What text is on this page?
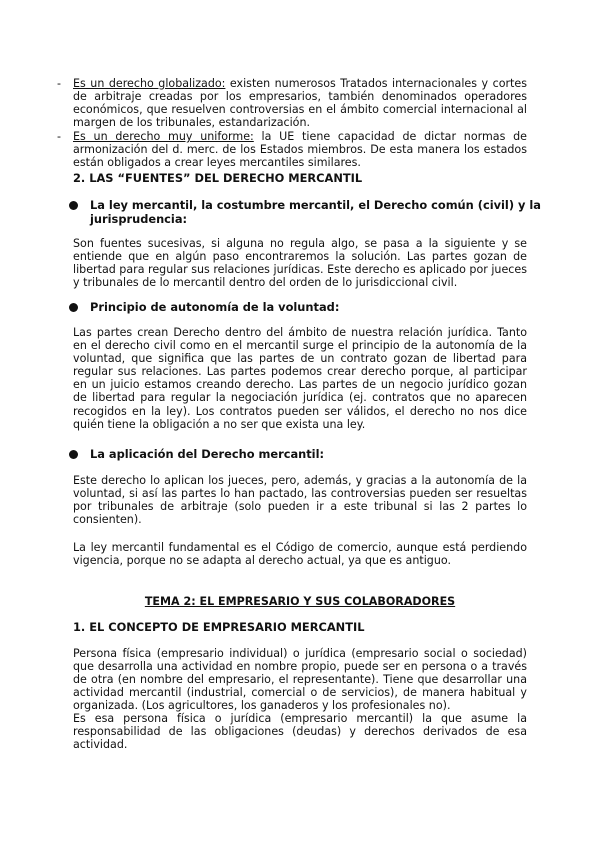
- Es un derecho globalizado: existen numerosos Tratados internacionales y cortes de arbitraje creadas por los empresarios, también denominados operadores económicos, que resuelven controversias en el ámbito comercial internacional al margen de los tribunales, estandarización.
- Es un derecho muy uniforme: la UE tiene capacidad de dictar normas de armonización del d. merc. de los Estados miembros. De esta manera los estados están obligados a crear leyes mercantiles similares.
2. LAS “FUENTES” DEL DERECHO MERCANTIL
La ley mercantil, la costumbre mercantil, el Derecho común (civil) y la jurisprudencia:
Son fuentes sucesivas, si alguna no regula algo, se pasa a la siguiente y se entiende que en algún paso encontraremos la solución. Las partes gozan de libertad para regular sus relaciones jurídicas. Este derecho es aplicado por jueces y tribunales de lo mercantil dentro del orden de lo jurisdiccional civil.
Principio de autonomía de la voluntad:
Las partes crean Derecho dentro del ámbito de nuestra relación jurídica. Tanto en el derecho civil como en el mercantil surge el principio de la autonomía de la voluntad, que significa que las partes de un contrato gozan de libertad para regular sus relaciones. Las partes podemos crear derecho porque, al participar en un juicio estamos creando derecho. Las partes de un negocio jurídico gozan de libertad para regular la negociación jurídica (ej. contratos que no aparecen recogidos en la ley). Los contratos pueden ser válidos, el derecho no nos dice quién tiene la obligación a no ser que exista una ley.
La aplicación del Derecho mercantil:
Este derecho lo aplican los jueces, pero, además, y gracias a la autonomía de la voluntad, si así las partes lo han pactado, las controversias pueden ser resueltas por tribunales de arbitraje (solo pueden ir a este tribunal si las 2 partes lo consienten).
La ley mercantil fundamental es el Código de comercio, aunque está perdiendo vigencia, porque no se adapta al derecho actual, ya que es antiguo.
TEMA 2: EL EMPRESARIO Y SUS COLABORADORES
1. EL CONCEPTO DE EMPRESARIO MERCANTIL
Persona física (empresario individual) o jurídica (empresario social o sociedad) que desarrolla una actividad en nombre propio, puede ser en persona o a través de otra (en nombre del empresario, el representante). Tiene que desarrollar una actividad mercantil (industrial, comercial o de servicios), de manera habitual y organizada. (Los agricultores, los ganaderos y los profesionales no).
Es esa persona física o jurídica (empresario mercantil) la que asume la responsabilidad de las obligaciones (deudas) y derechos derivados de esa actividad.
